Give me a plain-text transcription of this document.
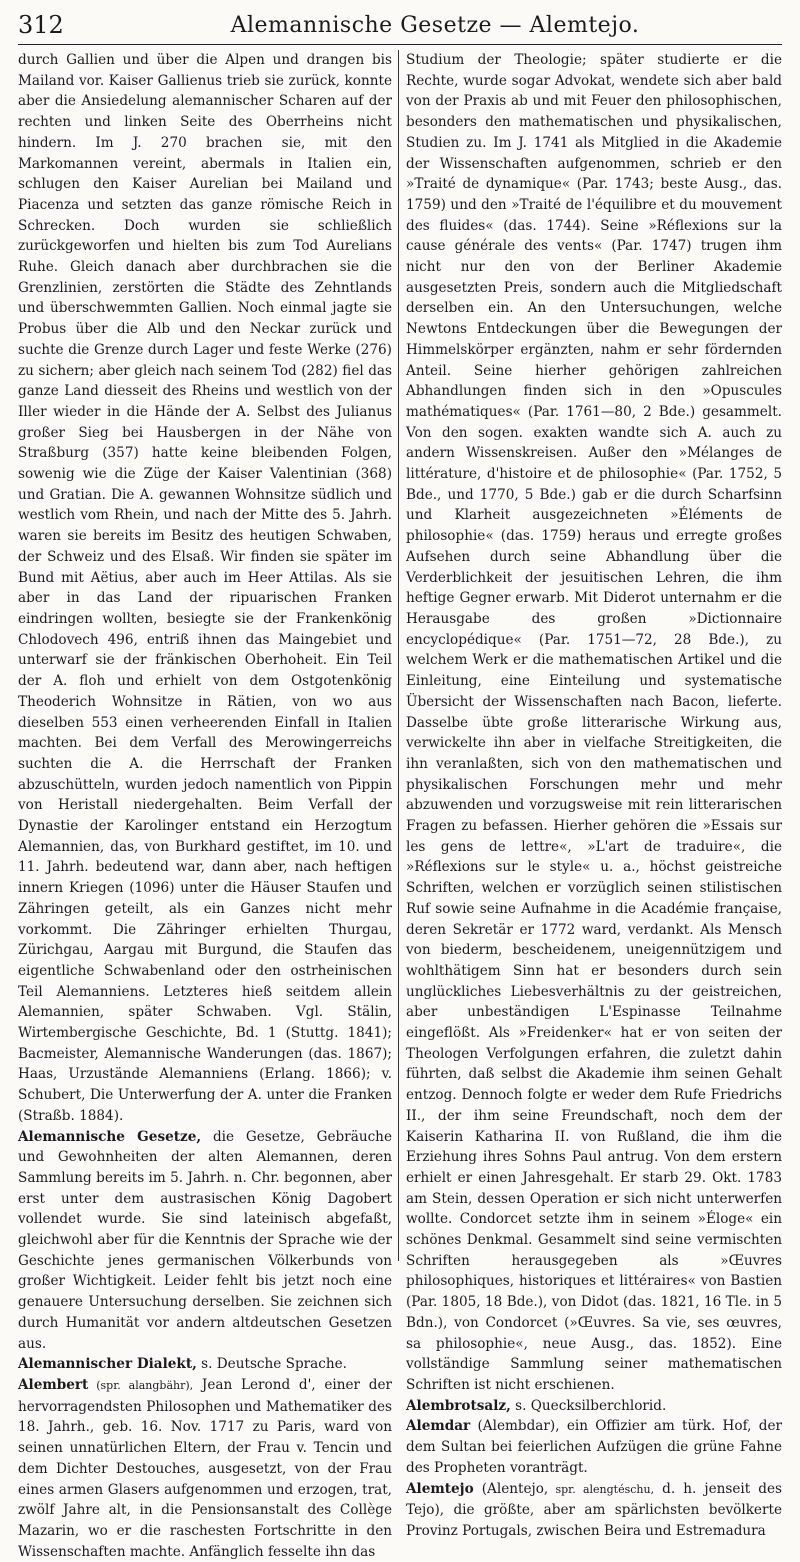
312	Alemannische Gesetze — Alemtejo.

durch Gallien und über die Alpen und drangen bis Mailand vor. Kaiser Gallienus trieb sie zurück, konnte aber die Ansiedelung alemannischer Scharen auf der rechten und linken Seite des Oberrheins nicht hindern. Im J. 270 brachen sie, mit den Markomannen vereint, abermals in Italien ein, schlugen den Kaiser Aurelian bei Mailand und Piacenza und setzten das ganze römische Reich in Schrecken. Doch wurden sie schließlich zurückgeworfen und hielten bis zum Tod Aurelians Ruhe. Gleich danach aber durchbrachen sie die Grenzlinien, zerstörten die Städte des Zehntlands und überschwemmten Gallien. Noch einmal jagte sie Probus über die Alb und den Neckar zurück und suchte die Grenze durch Lager und feste Werke (276) zu sichern; aber gleich nach seinem Tod (282) fiel das ganze Land diesseit des Rheins und westlich von der Iller wieder in die Hände der A. Selbst des Julianus großer Sieg bei Hausbergen in der Nähe von Straßburg (357) hatte keine bleibenden Folgen, sowenig wie die Züge der Kaiser Valentinian (368) und Gratian. Die A. gewannen Wohnsitze südlich und westlich vom Rhein, und nach der Mitte des 5. Jahrh. waren sie bereits im Besitz des heutigen Schwaben, der Schweiz und des Elsaß. Wir finden sie später im Bund mit Aëtius, aber auch im Heer Attilas. Als sie aber in das Land der ripuarischen Franken eindringen wollten, besiegte sie der Frankenkönig Chlodovech 496, entriß ihnen das Maingebiet und unterwarf sie der fränkischen Oberhoheit. Ein Teil der A. floh und erhielt von dem Ostgotenkönig Theoderich Wohnsitze in Rätien, von wo aus dieselben 553 einen verheerenden Einfall in Italien machten. Bei dem Verfall des Merowingerreichs suchten die A. die Herrschaft der Franken abzuschütteln, wurden jedoch namentlich von Pippin von Heristall niedergehalten. Beim Verfall der Dynastie der Karolinger entstand ein Herzogtum Alemannien, das, von Burkhard gestiftet, im 10. und 11. Jahrh. bedeutend war, dann aber, nach heftigen innern Kriegen (1096) unter die Häuser Staufen und Zähringen geteilt, als ein Ganzes nicht mehr vorkommt. Die Zähringer erhielten Thurgau, Zürichgau, Aargau mit Burgund, die Staufen das eigentliche Schwabenland oder den ostrheinischen Teil Alemanniens. Letzteres hieß seitdem allein Alemannien, später Schwaben. Vgl. Stälin, Wirtembergische Geschichte, Bd. 1 (Stuttg. 1841); Bacmeister, Alemannische Wanderungen (das. 1867); Haas, Urzustände Alemanniens (Erlang. 1866); v. Schubert, Die Unterwerfung der A. unter die Franken (Straßb. 1884).

Alemannische Gesetze, die Gesetze, Gebräuche und Gewohnheiten der alten Alemannen, deren Sammlung bereits im 5. Jahrh. n. Chr. begonnen, aber erst unter dem austrasischen König Dagobert vollendet wurde. Sie sind lateinisch abgefaßt, gleichwohl aber für die Kenntnis der Sprache wie der Geschichte jenes germanischen Völkerbunds von großer Wichtigkeit. Leider fehlt bis jetzt noch eine genauere Untersuchung derselben. Sie zeichnen sich durch Humanität vor andern altdeutschen Gesetzen aus.

Alemannischer Dialekt, s. Deutsche Sprache.

Alembert (spr. alangbähr), Jean Lerond d', einer der hervorragendsten Philosophen und Mathematiker des 18. Jahrh., geb. 16. Nov. 1717 zu Paris, ward von seinen unnatürlichen Eltern, der Frau v. Tencin und dem Dichter Destouches, ausgesetzt, von der Frau eines armen Glasers aufgenommen und erzogen, trat, zwölf Jahre alt, in die Pensionsanstalt des Collège Mazarin, wo er die raschesten Fortschritte in den Wissenschaften machte. Anfänglich fesselte ihn das

Studium der Theologie; später studierte er die Rechte, wurde sogar Advokat, wendete sich aber bald von der Praxis ab und mit Feuer den philosophischen, besonders den mathematischen und physikalischen, Studien zu. Im J. 1741 als Mitglied in die Akademie der Wissenschaften aufgenommen, schrieb er den »Traité de dynamique« (Par. 1743; beste Ausg., das. 1759) und den »Traité de l'équilibre et du mouvement des fluides« (das. 1744). Seine »Réflexions sur la cause générale des vents« (Par. 1747) trugen ihm nicht nur den von der Berliner Akademie ausgesetzten Preis, sondern auch die Mitgliedschaft derselben ein. An den Untersuchungen, welche Newtons Entdeckungen über die Bewegungen der Himmelskörper ergänzten, nahm er sehr fördernden Anteil. Seine hierher gehörigen zahlreichen Abhandlungen finden sich in den »Opuscules mathématiques« (Par. 1761—80, 2 Bde.) gesammelt. Von den sogen. exakten wandte sich A. auch zu andern Wissenskreisen. Außer den »Mélanges de littérature, d'histoire et de philosophie« (Par. 1752, 5 Bde., und 1770, 5 Bde.) gab er die durch Scharfsinn und Klarheit ausgezeichneten »Éléments de philosophie« (das. 1759) heraus und erregte großes Aufsehen durch seine Abhandlung über die Verderblichkeit der jesuitischen Lehren, die ihm heftige Gegner erwarb. Mit Diderot unternahm er die Herausgabe des großen »Dictionnaire encyclopédique« (Par. 1751—72, 28 Bde.), zu welchem Werk er die mathematischen Artikel und die Einleitung, eine Einteilung und systematische Übersicht der Wissenschaften nach Bacon, lieferte. Dasselbe übte große litterarische Wirkung aus, verwickelte ihn aber in vielfache Streitigkeiten, die ihn veranlaßten, sich von den mathematischen und physikalischen Forschungen mehr und mehr abzuwenden und vorzugsweise mit rein litterarischen Fragen zu befassen. Hierher gehören die »Essais sur les gens de lettre«, »L'art de traduire«, die »Réflexions sur le style« u. a., höchst geistreiche Schriften, welchen er vorzüglich seinen stilistischen Ruf sowie seine Aufnahme in die Académie française, deren Sekretär er 1772 ward, verdankt. Als Mensch von biederm, bescheidenem, uneigennützigem und wohlthätigem Sinn hat er besonders durch sein unglückliches Liebesverhältnis zu der geistreichen, aber unbeständigen L'Espinasse Teilnahme eingeflößt. Als »Freidenker« hat er von seiten der Theologen Verfolgungen erfahren, die zuletzt dahin führten, daß selbst die Akademie ihm seinen Gehalt entzog. Dennoch folgte er weder dem Rufe Friedrichs II., der ihm seine Freundschaft, noch dem der Kaiserin Katharina II. von Rußland, die ihm die Erziehung ihres Sohns Paul antrug. Von dem erstern erhielt er einen Jahresgehalt. Er starb 29. Okt. 1783 am Stein, dessen Operation er sich nicht unterwerfen wollte. Condorcet setzte ihm in seinem »Éloge« ein schönes Denkmal. Gesammelt sind seine vermischten Schriften herausgegeben als »Œuvres philosophiques, historiques et littéraires« von Bastien (Par. 1805, 18 Bde.), von Didot (das. 1821, 16 Tle. in 5 Bdn.), von Condorcet (»Œuvres. Sa vie, ses œuvres, sa philosophie«, neue Ausg., das. 1852). Eine vollständige Sammlung seiner mathematischen Schriften ist nicht erschienen.

Alembrotsalz, s. Quecksilberchlorid.

Alemdar (Alembdar), ein Offizier am türk. Hof, der dem Sultan bei feierlichen Aufzügen die grüne Fahne des Propheten voranträgt.

Alemtejo (Alentejo, spr. alengtéschu, d. h. jenseit des Tejo), die größte, aber am spärlichsten bevölkerte Provinz Portugals, zwischen Beira und Estremadura
